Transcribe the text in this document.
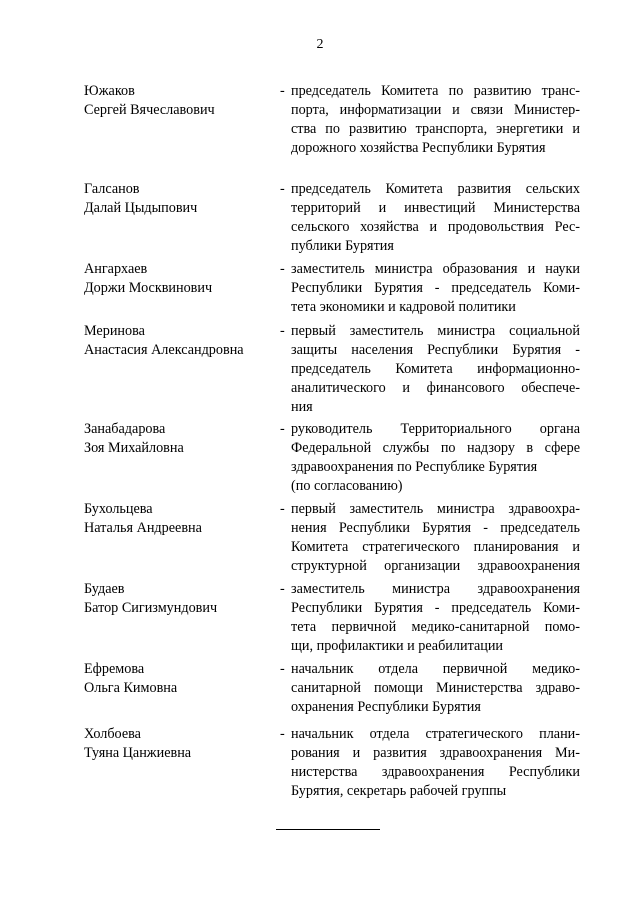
2
Южаков
Сергей Вячеславович
- председатель Комитета по развитию транс-
порта, информатизации и связи Министер-
ства по развитию транспорта, энергетики и
дорожного хозяйства Республики Бурятия
Галсанов
Далай Цыдыпович
- председатель Комитета развития сельских
территорий и инвестиций Министерства
сельского хозяйства и продовольствия Рес-
публики Бурятия
Ангархаев
Доржи Москвинович
- заместитель министра образования и науки
Республики Бурятия - председатель Коми-
тета экономики и кадровой политики
Меринова
Анастасия Александровна
- первый заместитель министра социальной
защиты населения Республики Бурятия -
председатель Комитета информационно-
аналитического и финансового обеспече-
ния
Занабадарова
Зоя Михайловна
- руководитель Территориального органа
Федеральной службы по надзору в сфере
здравоохранения по Республике Бурятия
(по согласованию)
Бухольцева
Наталья Андреевна
- первый заместитель министра здравоохра-
нения Республики Бурятия - председатель
Комитета стратегического планирования и
структурной организации здравоохранения
Будаев
Батор Сигизмундович
- заместитель министра здравоохранения
Республики Бурятия - председатель Коми-
тета первичной медико-санитарной помо-
щи, профилактики и реабилитации
Ефремова
Ольга Кимовна
- начальник отдела первичной медико-
санитарной помощи Министерства здраво-
охранения Республики Бурятия
Холбоева
Туяна Цанжиевна
- начальник отдела стратегического плани-
рования и развития здравоохранения Ми-
нистерства здравоохранения Республики
Бурятия, секретарь рабочей группы
